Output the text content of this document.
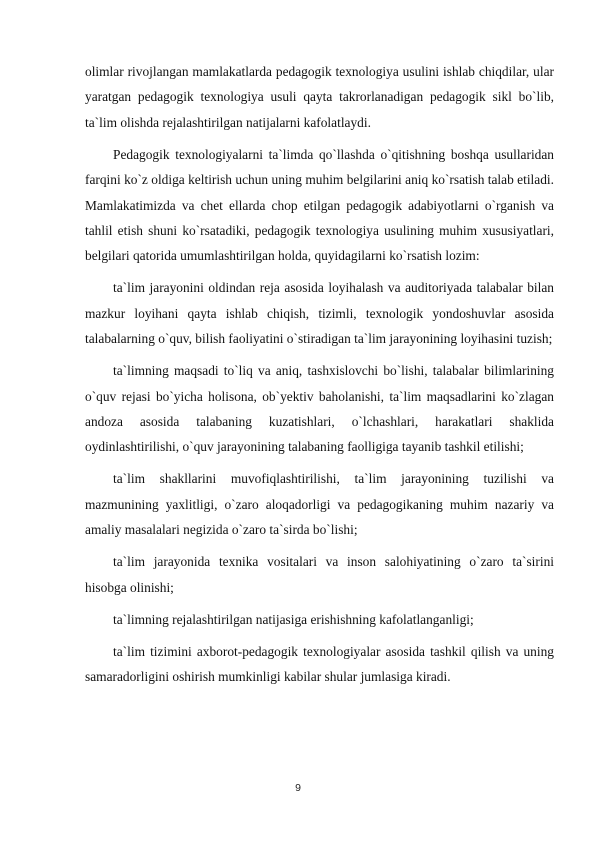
olimlar rivojlangan mamlakatlarda pedagogik texnologiya usulini ishlab chiqdilar, ular yaratgan pedagogik texnologiya usuli qayta takrorlanadigan pedagogik sikl bo`lib, ta`lim olishda rejalashtirilgan natijalarni kafolatlaydi.

Pedagogik texnologiyalarni ta`limda qo`llashda o`qitishning boshqa usullaridan farqini ko`z oldiga keltirish uchun uning muhim belgilarini aniq ko`rsatish talab etiladi. Mamlakatimizda va chet ellarda chop etilgan pedagogik adabiyotlarni o`rganish va tahlil etish shuni ko`rsatadiki, pedagogik texnologiya usulining muhim xususiyatlari, belgilari qatorida umumlashtirilgan holda, quyidagilarni ko`rsatish lozim:

ta`lim jarayonini oldindan reja asosida loyihalash va auditoriyada talabalar bilan mazkur loyihani qayta ishlab chiqish, tizimli, texnologik yondoshuvlar asosida talabalarning o`quv, bilish faoliyatini o`stiradigan ta`lim jarayonining loyihasini tuzish;

ta`limning maqsadi to`liq va aniq, tashxislovchi bo`lishi, talabalar bilimlarining o`quv rejasi bo`yicha holisona, ob`yektiv baholanishi, ta`lim maqsadlarini ko`zlagan andoza asosida talabaning kuzatishlari, o`lchashlari, harakatlari shaklida oydinlashtirilishi, o`quv jarayonining talabaning faolligiga tayanib tashkil etilishi;

ta`lim shakllarini muvofiqlashtirilishi, ta`lim jarayonining tuzilishi va mazmunining yaxlitligi, o`zaro aloqadorligi va pedagogikaning muhim nazariy va amaliy masalalari negizida o`zaro ta`sirda bo`lishi;

ta`lim jarayonida texnika vositalari va inson salohiyatining o`zaro ta`sirini hisobga olinishi;

ta`limning rejalashtirilgan natijasiga erishishning kafolatlanganligi;

ta`lim tizimini axborot-pedagogik texnologiyalar asosida tashkil qilish va uning samaradorligini oshirish mumkinligi kabilar shular jumlasiga kiradi.

9
